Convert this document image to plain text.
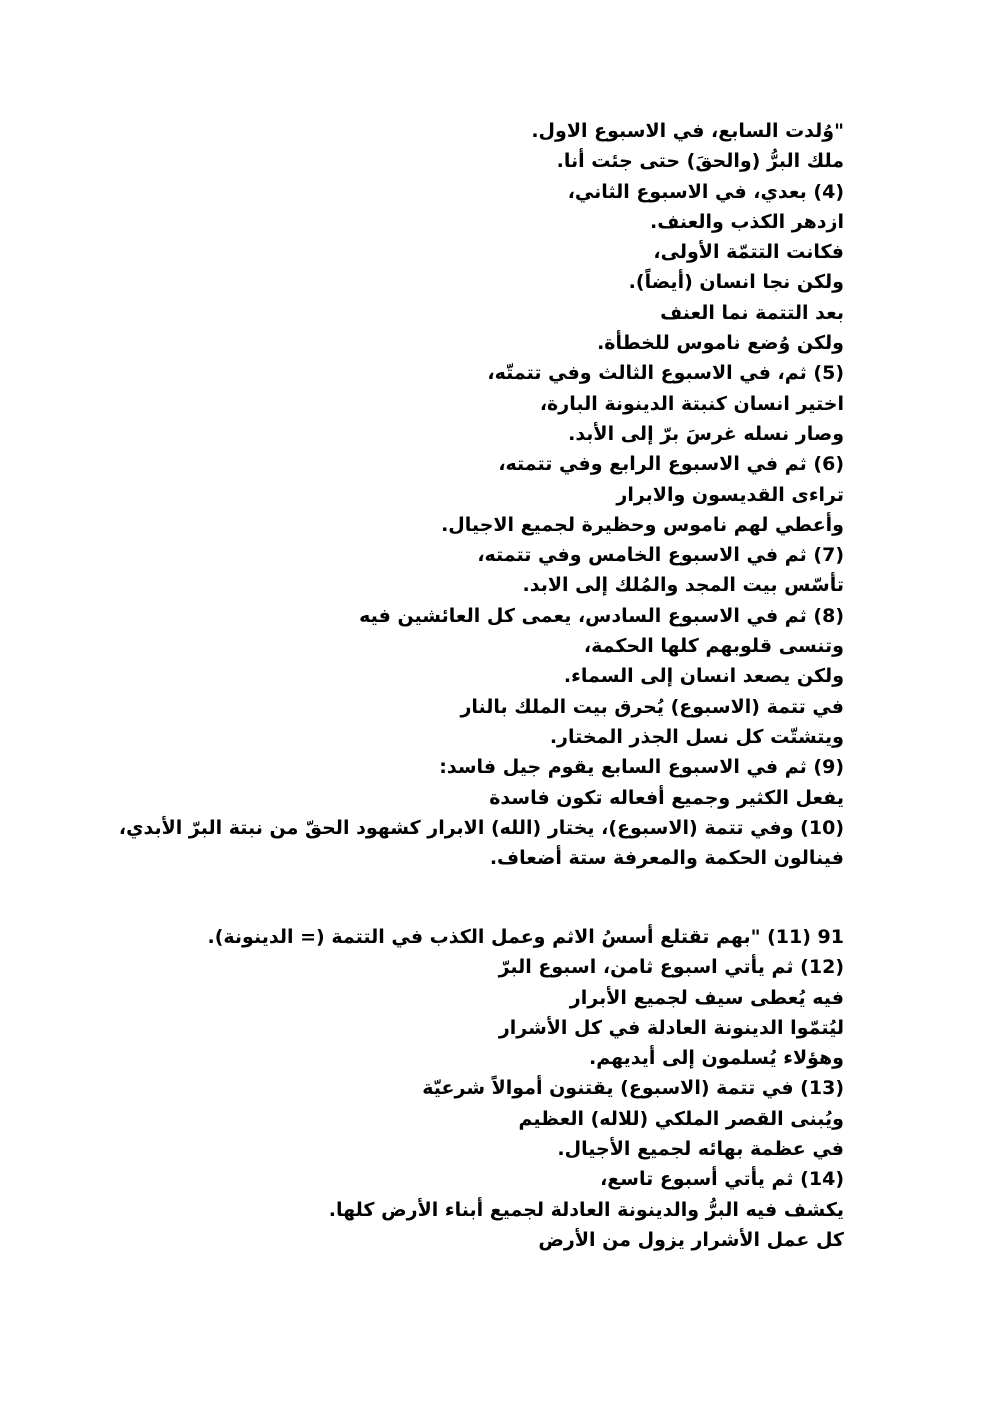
"وُلدت السابع، في الاسبوع الاول.
ملك البرُّ (والحقَ) حتى جئت أنا.
(4) بعدي، في الاسبوع الثاني،
ازدهر الكذب والعنف.
فكانت التتمّة الأولى،
ولكن نجا انسان (أيضاً).
بعد التتمة نما العنف
ولكن وُضع ناموس للخطأة.
(5) ثم، في الاسبوع الثالث وفي تتمتّه،
اختير انسان كنبتة الدينونة البارة،
وصار نسله غرسَ برّ إلى الأبد.
(6) ثم في الاسبوع الرابع وفي تتمته،
تراءى القديسون والابرار
وأعطي لهم ناموس وحظيرة لجميع الاجيال.
(7) ثم في الاسبوع الخامس وفي تتمته،
تأسّس بيت المجد والمُلك إلى الابد.
(8) ثم في الاسبوع السادس، يعمى كل العائشين فيه
وتنسى قلوبهم كلها الحكمة،
ولكن يصعد انسان إلى السماء.
في تتمة (الاسبوع) يُحرق بيت الملك بالنار
ويتشتّت كل نسل الجذر المختار.
(9) ثم في الاسبوع السابع يقوم جيل فاسد:
يفعل الكثير وجميع أفعاله تكون فاسدة
(10) وفي تتمة (الاسبوع)، يختار (الله) الابرار كشهود الحقّ من نبتة البرّ الأبدي،
فينالون الحكمة والمعرفة ستة أضعاف.
91 (11) "بهم تقتلع أسسُ الاثم وعمل الكذب في التتمة (= الدينونة).
(12) ثم يأتي اسبوع ثامن، اسبوع البرّ
فيه يُعطى سيف لجميع الأبرار
ليُتمّوا الدينونة العادلة في كل الأشرار
وهؤلاء يُسلمون إلى أيديهم.
(13) في تتمة (الاسبوع) يقتنون أموالاً شرعيّة
ويُبنى القصر الملكي (للاله) العظيم
في عظمة بهائه لجميع الأجيال.
(14) ثم يأتي أسبوع تاسع،
يكشف فيه البرُّ والدينونة العادلة لجميع أبناء الأرض كلها.
كل عمل الأشرار يزول من الأرض
